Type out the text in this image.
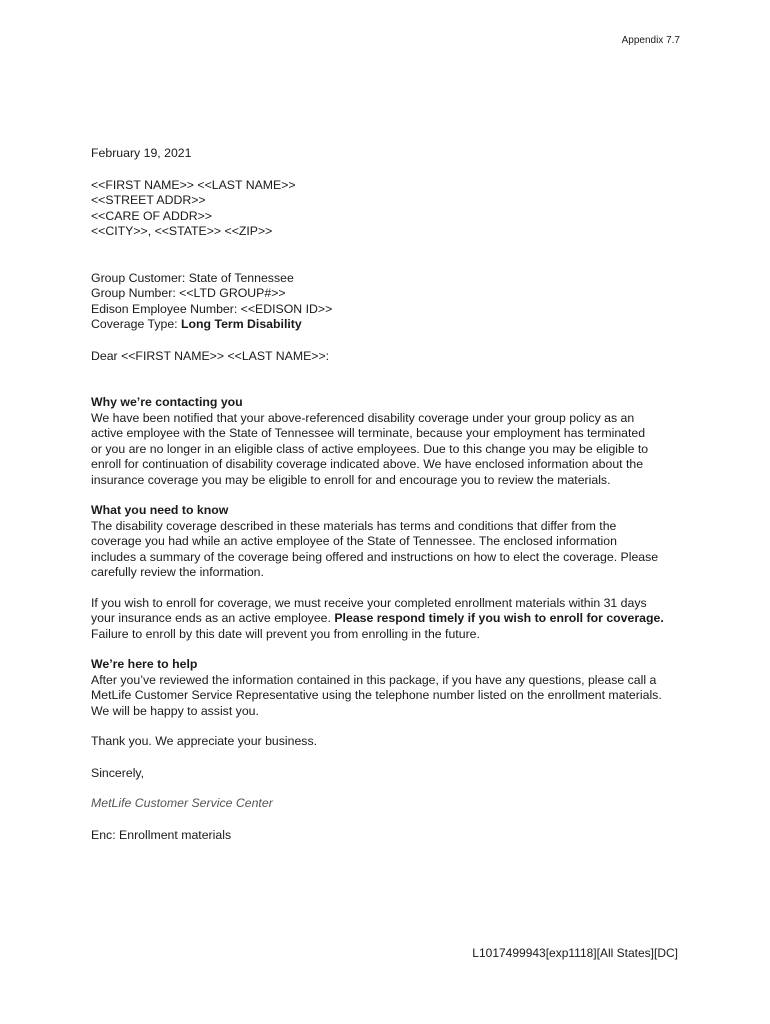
Appendix 7.7
February 19, 2021
<<FIRST NAME>> <<LAST NAME>>
<<STREET ADDR>>
<<CARE OF ADDR>>
<<CITY>>, <<STATE>> <<ZIP>>
Group Customer: State of Tennessee
Group Number: <<LTD GROUP#>>
Edison Employee Number: <<EDISON ID>>
Coverage Type: Long Term Disability
Dear <<FIRST NAME>> <<LAST NAME>>:
Why we’re contacting you
We have been notified that your above-referenced disability coverage under your group policy as an
active employee with the State of Tennessee will terminate, because your employment has terminated
or you are no longer in an eligible class of active employees. Due to this change you may be eligible to
enroll for continuation of disability coverage indicated above. We have enclosed information about the
insurance coverage you may be eligible to enroll for and encourage you to review the materials.
What you need to know
The disability coverage described in these materials has terms and conditions that differ from the
coverage you had while an active employee of the State of Tennessee. The enclosed information
includes a summary of the coverage being offered and instructions on how to elect the coverage. Please
carefully review the information.
If you wish to enroll for coverage, we must receive your completed enrollment materials within 31 days
your insurance ends as an active employee. Please respond timely if you wish to enroll for coverage.
Failure to enroll by this date will prevent you from enrolling in the future.
We’re here to help
After you’ve reviewed the information contained in this package, if you have any questions, please call a
MetLife Customer Service Representative using the telephone number listed on the enrollment materials.
We will be happy to assist you.
Thank you. We appreciate your business.
Sincerely,
MetLife Customer Service Center
Enc: Enrollment materials
L1017499943[exp1118][All States][DC]
